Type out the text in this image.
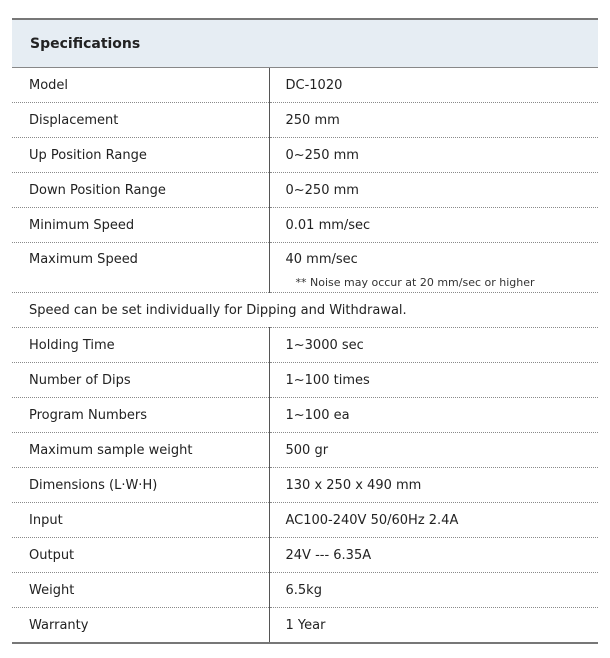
Specifications	
Model	DC-1020
Displacement	250 mm
Up Position Range	0~250 mm
Down Position Range	0~250 mm
Minimum Speed	0.01 mm/sec
Maximum Speed	40 mm/sec
** Noise may occur at 20 mm/sec or higher

Speed can be set individually for Dipping and Withdrawal.	
Holding Time	1~3000 sec
Number of Dips	1~100 times
Program Numbers	1~100 ea
Maximum sample weight	500 gr
Dimensions (L·W·H)	130 x 250 x 490 mm
Input	AC100-240V 50/60Hz 2.4A
Output	24V --- 6.35A
Weight	6.5kg
Warranty	1 Year
